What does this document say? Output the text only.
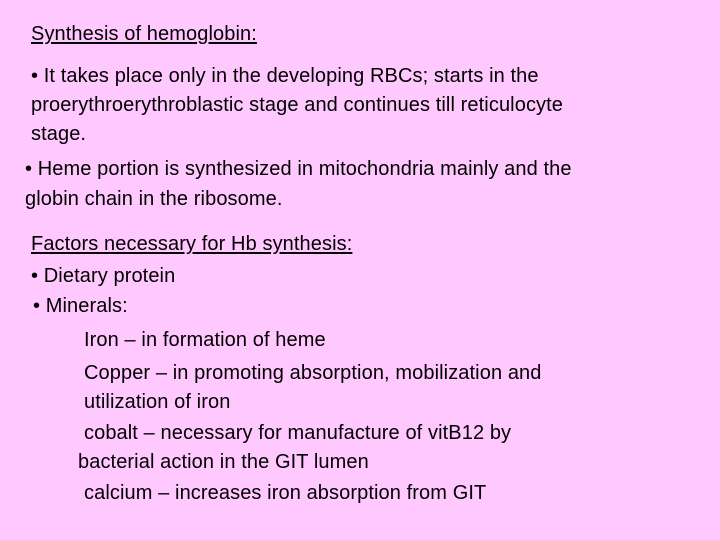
Synthesis of hemoglobin:
• It takes place only in the developing RBCs; starts in the
proerythroerythroblastic stage and continues till reticulocyte
stage.
• Heme portion is synthesized in mitochondria mainly and the
globin chain in the ribosome.
Factors necessary for Hb synthesis:
• Dietary protein
• Minerals:
Iron – in formation of heme
Copper – in promoting absorption, mobilization and
utilization of iron
cobalt – necessary for manufacture of vitB12 by
bacterial action in the GIT lumen
calcium – increases iron absorption from GIT
